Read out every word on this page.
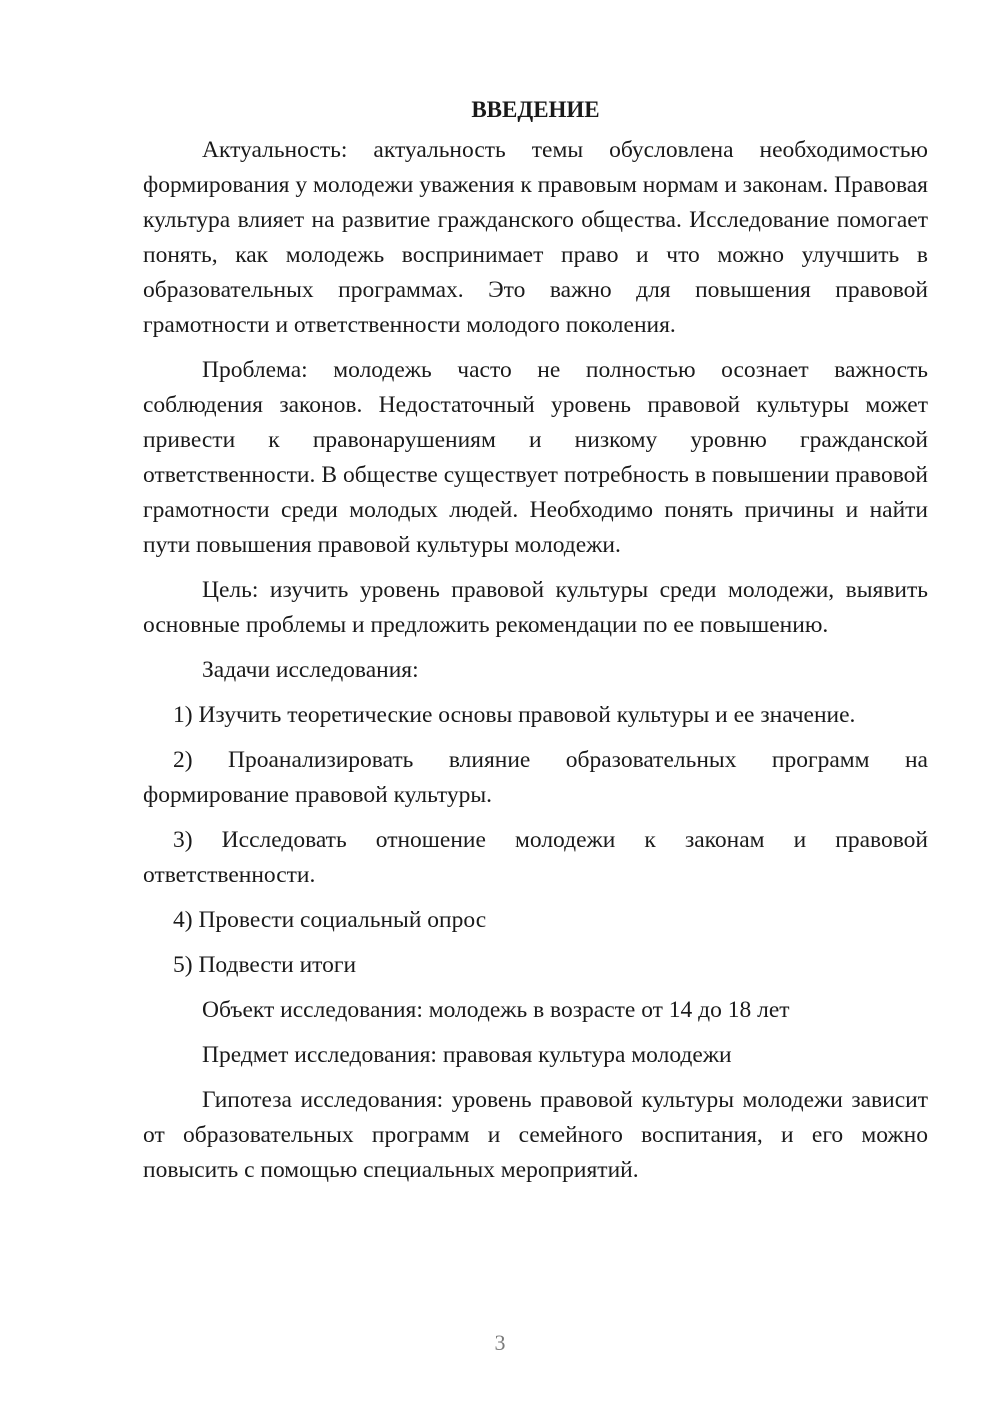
ВВЕДЕНИЕ

Актуальность: актуальность темы обусловлена необходимостью формирования у молодежи уважения к правовым нормам и законам. Правовая культура влияет на развитие гражданского общества. Исследование помогает понять, как молодежь воспринимает право и что можно улучшить в образовательных программах. Это важно для повышения правовой грамотности и ответственности молодого поколения.

Проблема: молодежь часто не полностью осознает важность соблюдения законов. Недостаточный уровень правовой культуры может привести к правонарушениям и низкому уровню гражданской ответственности. В обществе существует потребность в повышении правовой грамотности среди молодых людей. Необходимо понять причины и найти пути повышения правовой культуры молодежи.

Цель: изучить уровень правовой культуры среди молодежи, выявить основные проблемы и предложить рекомендации по ее повышению.

Задачи исследования:

1) Изучить теоретические основы правовой культуры и ее значение.

2) Проанализировать влияние образовательных программ на формирование правовой культуры.

3) Исследовать отношение молодежи к законам и правовой ответственности.

4) Провести социальный опрос

5) Подвести итоги

Объект исследования: молодежь в возрасте от 14 до 18 лет

Предмет исследования: правовая культура молодежи

Гипотеза исследования: уровень правовой культуры молодежи зависит от образовательных программ и семейного воспитания, и его можно повысить с помощью специальных мероприятий.

3
